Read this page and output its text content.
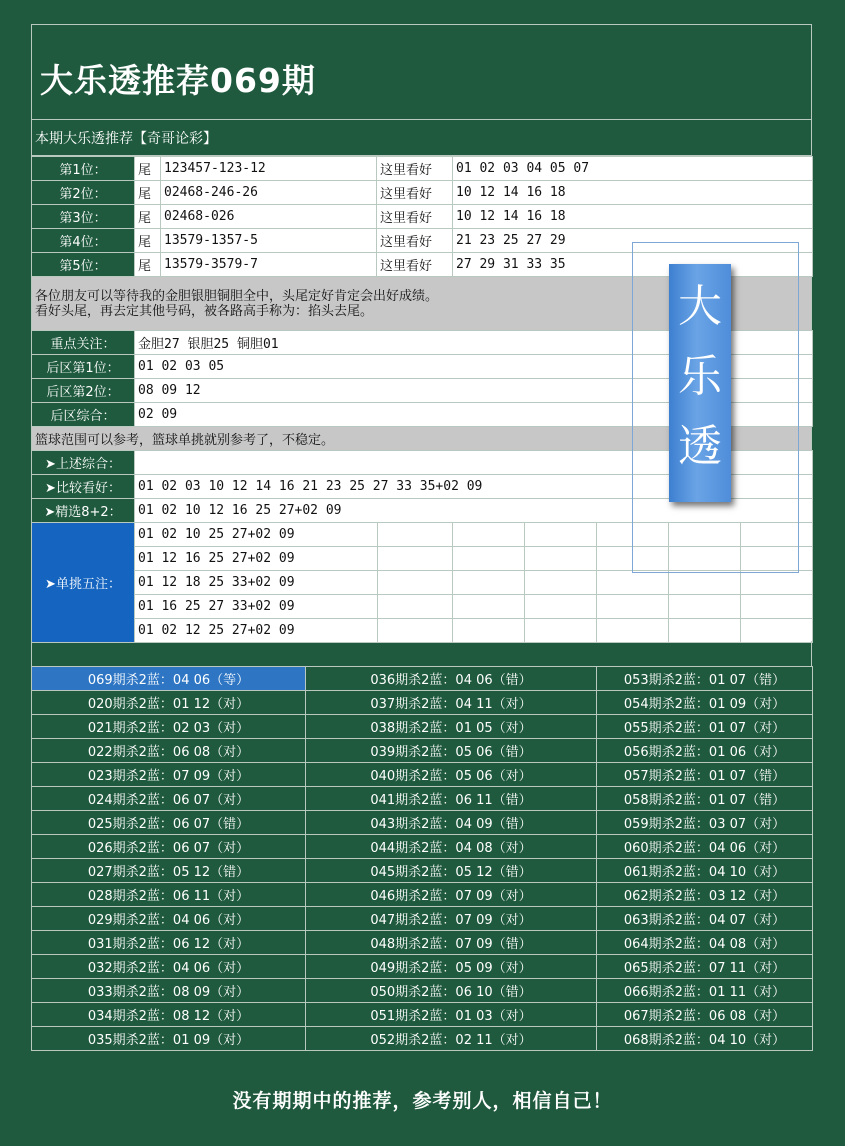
大乐透推荐069期
本期大乐透推荐【奇哥论彩】
第1位：	尾	123457-123-12	这里看好	01 02 03 04 05 07
第2位：	尾	02468-246-26	这里看好	10 12 14 16 18
第3位：	尾	02468-026	这里看好	10 12 14 16 18
第4位：	尾	13579-1357-5	这里看好	21 23 25 27 29
第5位：	尾	13579-3579-7	这里看好	27 29 31 33 35
各位朋友可以等待我的金胆银胆铜胆全中，头尾定好肯定会出好成绩。
看好头尾，再去定其他号码，被各路高手称为：掐头去尾。
重点关注：	金胆27 银胆25 铜胆01
后区第1位：	01 02 03 05
后区第2位：	08 09 12
后区综合：	02 09
篮球范围可以参考，篮球单挑就别参考了，不稳定。
➤上述综合：							
➤比较看好：	01 02 03 10 12 14 16 21 23 25 27 33 35+02 09						
➤精选8+2：	01 02 10 12 16 25 27+02 09						
➤单挑五注：	01 02 10 25 27+02 09						
	01 12 16 25 27+02 09						
	01 12 18 25 33+02 09						
	01 16 25 27 33+02 09						
	01 02 12 25 27+02 09						
069期杀2蓝：04 06（等）	036期杀2蓝：04 06（错）	053期杀2蓝：01 07（错）
020期杀2蓝：01 12（对）	037期杀2蓝：04 11（对）	054期杀2蓝：01 09（对）
021期杀2蓝：02 03（对）	038期杀2蓝：01 05（对）	055期杀2蓝：01 07（对）
022期杀2蓝：06 08（对）	039期杀2蓝：05 06（错）	056期杀2蓝：01 06（对）
023期杀2蓝：07 09（对）	040期杀2蓝：05 06（对）	057期杀2蓝：01 07（错）
024期杀2蓝：06 07（对）	041期杀2蓝：06 11（错）	058期杀2蓝：01 07（错）
025期杀2蓝：06 07（错）	043期杀2蓝：04 09（错）	059期杀2蓝：03 07（对）
026期杀2蓝：06 07（对）	044期杀2蓝：04 08（对）	060期杀2蓝：04 06（对）
027期杀2蓝：05 12（错）	045期杀2蓝：05 12（错）	061期杀2蓝：04 10（对）
028期杀2蓝：06 11（对）	046期杀2蓝：07 09（对）	062期杀2蓝：03 12（对）
029期杀2蓝：04 06（对）	047期杀2蓝：07 09（对）	063期杀2蓝：04 07（对）
031期杀2蓝：06 12（对）	048期杀2蓝：07 09（错）	064期杀2蓝：04 08（对）
032期杀2蓝：04 06（对）	049期杀2蓝：05 09（对）	065期杀2蓝：07 11（对）
033期杀2蓝：08 09（对）	050期杀2蓝：06 10（错）	066期杀2蓝：01 11（对）
034期杀2蓝：08 12（对）	051期杀2蓝：01 03（对）	067期杀2蓝：06 08（对）
035期杀2蓝：01 09（对）	052期杀2蓝：02 11（对）	068期杀2蓝：04 10（对）
大
乐
透
没有期期中的推荐，参考别人，相信自己！
